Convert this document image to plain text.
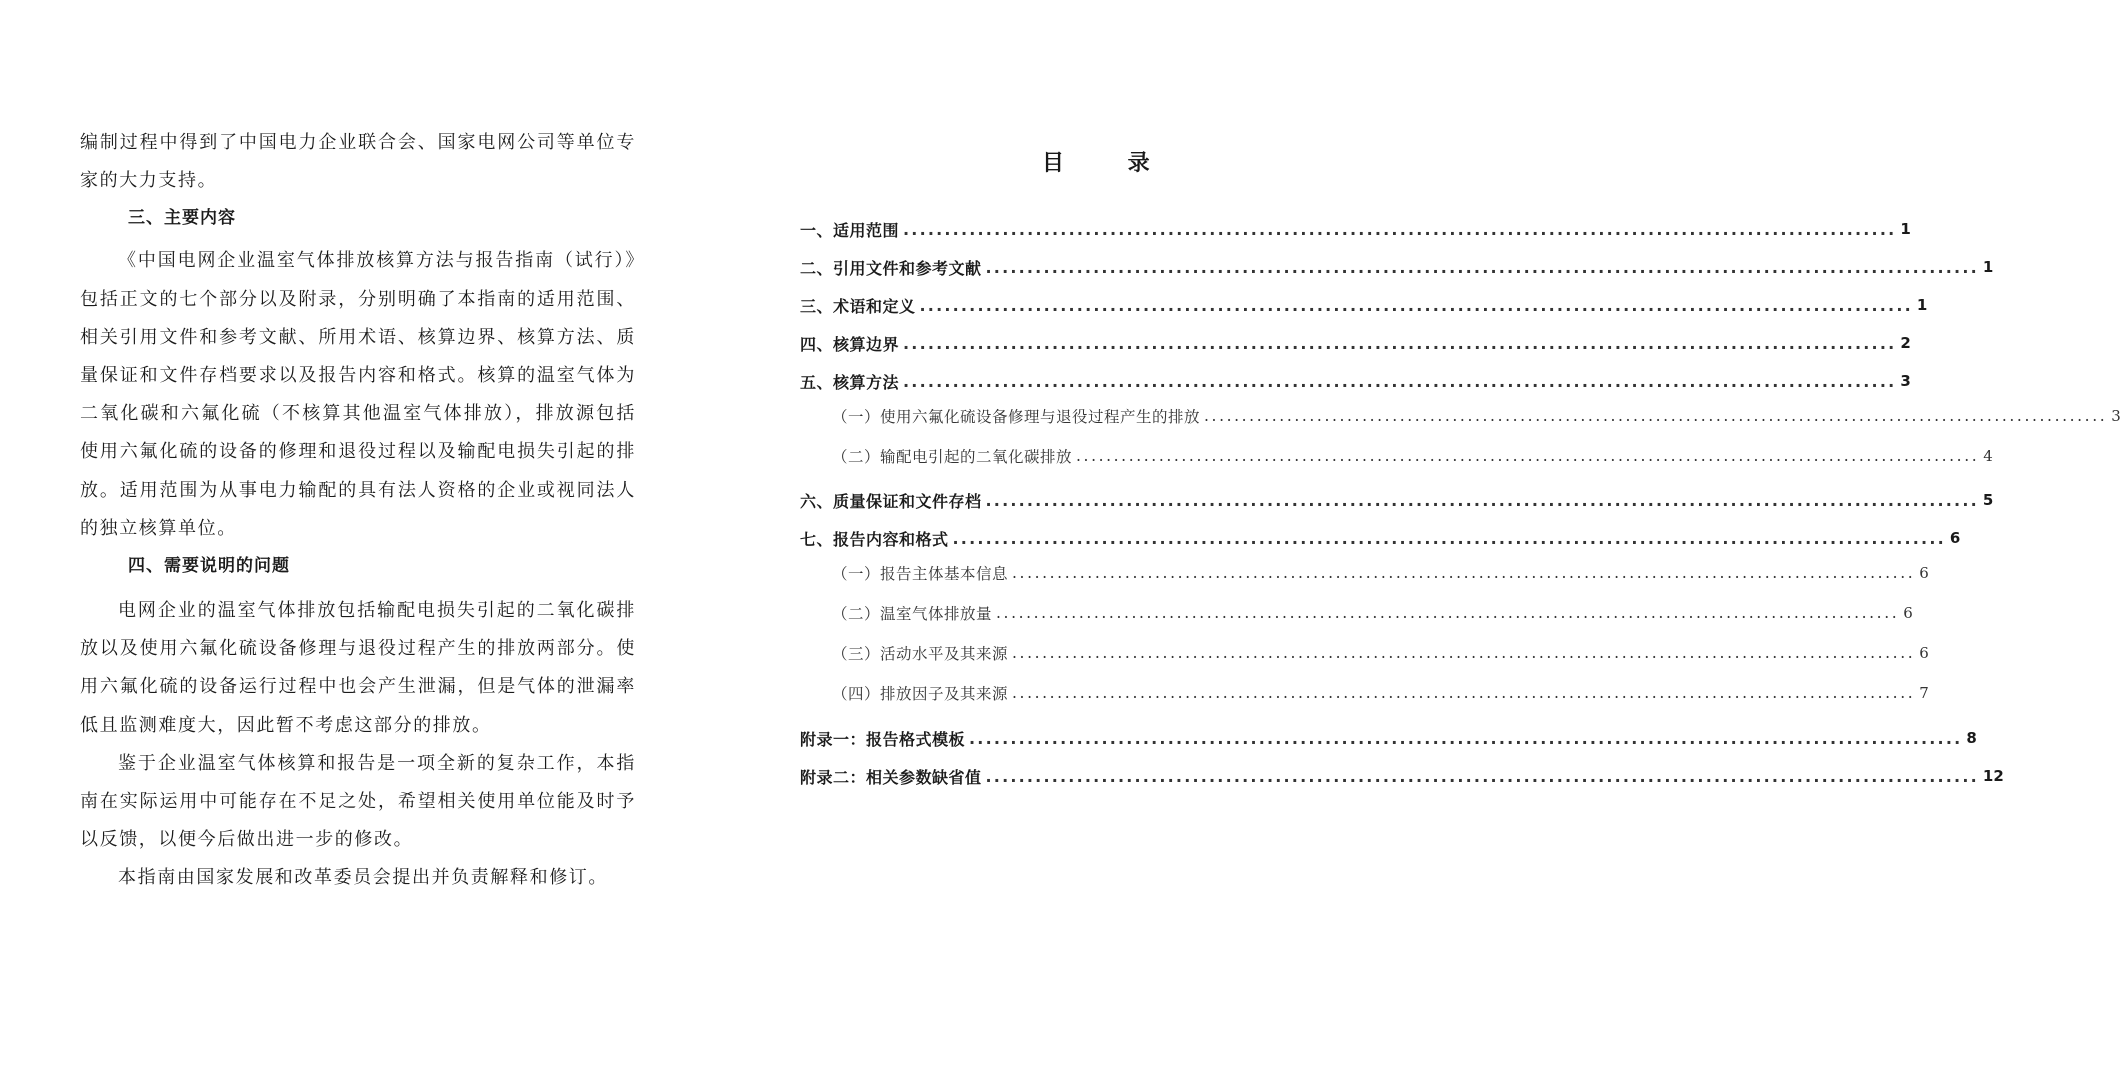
编制过程中得到了中国电力企业联合会、国家电网公司等单位专家的大力支持。

三、主要内容

《中国电网企业温室气体排放核算方法与报告指南（试行）》包括正文的七个部分以及附录，分别明确了本指南的适用范围、相关引用文件和参考文献、所用术语、核算边界、核算方法、质量保证和文件存档要求以及报告内容和格式。核算的温室气体为二氧化碳和六氟化硫（不核算其他温室气体排放），排放源包括使用六氟化硫的设备的修理和退役过程以及输配电损失引起的排放。适用范围为从事电力输配的具有法人资格的企业或视同法人的独立核算单位。

四、需要说明的问题

电网企业的温室气体排放包括输配电损失引起的二氧化碳排放以及使用六氟化硫设备修理与退役过程产生的排放两部分。使用六氟化硫的设备运行过程中也会产生泄漏，但是气体的泄漏率低且监测难度大，因此暂不考虑这部分的排放。

鉴于企业温室气体核算和报告是一项全新的复杂工作，本指南在实际运用中可能存在不足之处，希望相关使用单位能及时予以反馈，以便今后做出进一步的修改。

本指南由国家发展和改革委员会提出并负责解释和修订。

目 录
一、适用范围 ........................................................................................................................ 1
二、引用文件和参考文献 ........................................................................................................................ 1
三、术语和定义 ........................................................................................................................ 1
四、核算边界 ........................................................................................................................ 2
五、核算方法 ........................................................................................................................ 3
（一）使用六氟化硫设备修理与退役过程产生的排放 ........................................................................................................................ 3
（二）输配电引起的二氧化碳排放 ........................................................................................................................ 4
六、质量保证和文件存档 ........................................................................................................................ 5
七、报告内容和格式 ........................................................................................................................ 6
（一）报告主体基本信息 ........................................................................................................................ 6
（二）温室气体排放量 ........................................................................................................................ 6
（三）活动水平及其来源 ........................................................................................................................ 6
（四）排放因子及其来源 ........................................................................................................................ 7
附录一：报告格式模板 ........................................................................................................................ 8
附录二：相关参数缺省值 ........................................................................................................................ 12
